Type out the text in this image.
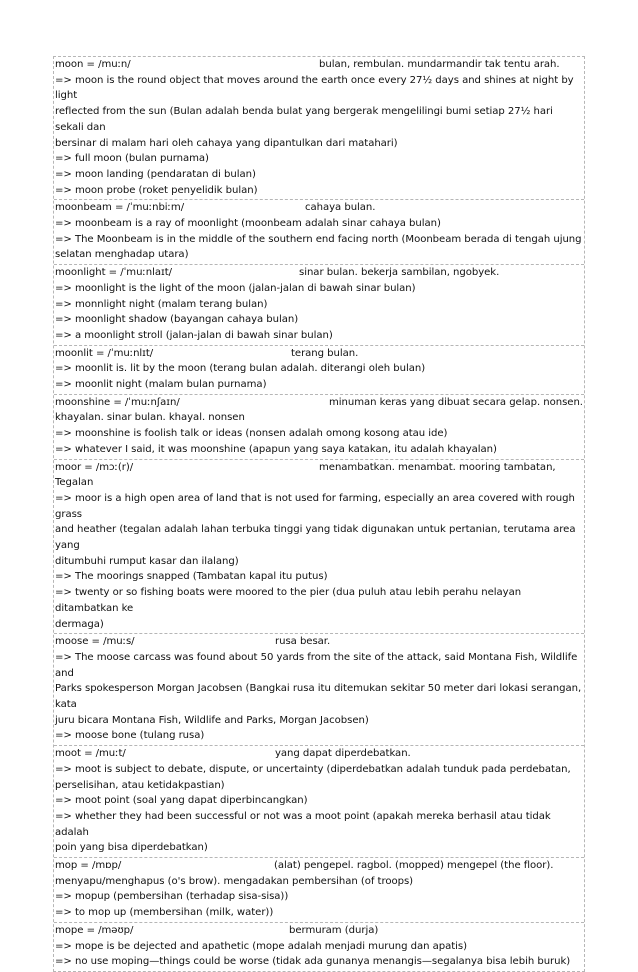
moon = /muːn/	bulan, rembulan. mundarmandir tak tentu arah.
=> moon is the round object that moves around the earth once every 27½ days and shines at night by light
reflected from the sun (Bulan adalah benda bulat yang bergerak mengelilingi bumi setiap 27½ hari sekali dan
bersinar di malam hari oleh cahaya yang dipantulkan dari matahari)
=> full moon (bulan purnama)
=> moon landing (pendaratan di bulan)
=> moon probe (roket penyelidik bulan)
moonbeam = /ˈmuːnbiːm/	cahaya bulan.
=> moonbeam is a ray of moonlight (moonbeam adalah sinar cahaya bulan)
=> The Moonbeam is in the middle of the southern end facing north (Moonbeam berada di tengah ujung
selatan menghadap utara)
moonlight = /ˈmuːnlaɪt/	sinar bulan. bekerja sambilan, ngobyek.
=> moonlight is the light of the moon (jalan-jalan di bawah sinar bulan)
=> monnlight night (malam terang bulan)
=> moonlight shadow (bayangan cahaya bulan)
=> a moonlight stroll (jalan-jalan di bawah sinar bulan)
moonlit = /ˈmuːnlɪt/	terang bulan.
=> moonlit is. lit by the moon (terang bulan adalah. diterangi oleh bulan)
=> moonlit night (malam bulan purnama)
moonshine = /ˈmuːnʃaɪn/	minuman keras yang dibuat secara gelap. nonsen.
khayalan. sinar bulan. khayal. nonsen
=> moonshine is foolish talk or ideas (nonsen adalah omong kosong atau ide)
=> whatever I said, it was moonshine (apapun yang saya katakan, itu adalah khayalan)
moor = /mɔː(r)/	menambatkan. menambat. mooring tambatan,
Tegalan
=> moor is a high open area of land that is not used for farming, especially an area covered with rough grass
and heather (tegalan adalah lahan terbuka tinggi yang tidak digunakan untuk pertanian, terutama area yang
ditumbuhi rumput kasar dan ilalang)
=> The moorings snapped (Tambatan kapal itu putus)
=> twenty or so fishing boats were moored to the pier (dua puluh atau lebih perahu nelayan ditambatkan ke
dermaga)
moose = /muːs/	rusa besar.
=> The moose carcass was found about 50 yards from the site of the attack, said Montana Fish, Wildlife and
Parks spokesperson Morgan Jacobsen (Bangkai rusa itu ditemukan sekitar 50 meter dari lokasi serangan, kata
juru bicara Montana Fish, Wildlife and Parks, Morgan Jacobsen)
=> moose bone (tulang rusa)
moot = /muːt/	yang dapat diperdebatkan.
=> moot is subject to debate, dispute, or uncertainty (diperdebatkan adalah tunduk pada perdebatan,
perselisihan, atau ketidakpastian)
=> moot point (soal yang dapat diperbincangkan)
=> whether they had been successful or not was a moot point (apakah mereka berhasil atau tidak adalah
poin yang bisa diperdebatkan)
mop = /mɒp/	(alat) pengepel. ragbol. (mopped) mengepel (the floor).
menyapu/menghapus (o's brow). mengadakan pembersihan (of troops)
=> mopup (pembersihan (terhadap sisa-sisa))
=> to mop up (membersihan (milk, water))
mope = /məʊp/	bermuram (durja)
=> mope is be dejected and apathetic (mope adalah menjadi murung dan apatis)
=> no use moping—things could be worse (tidak ada gunanya menangis—segalanya bisa lebih buruk)
